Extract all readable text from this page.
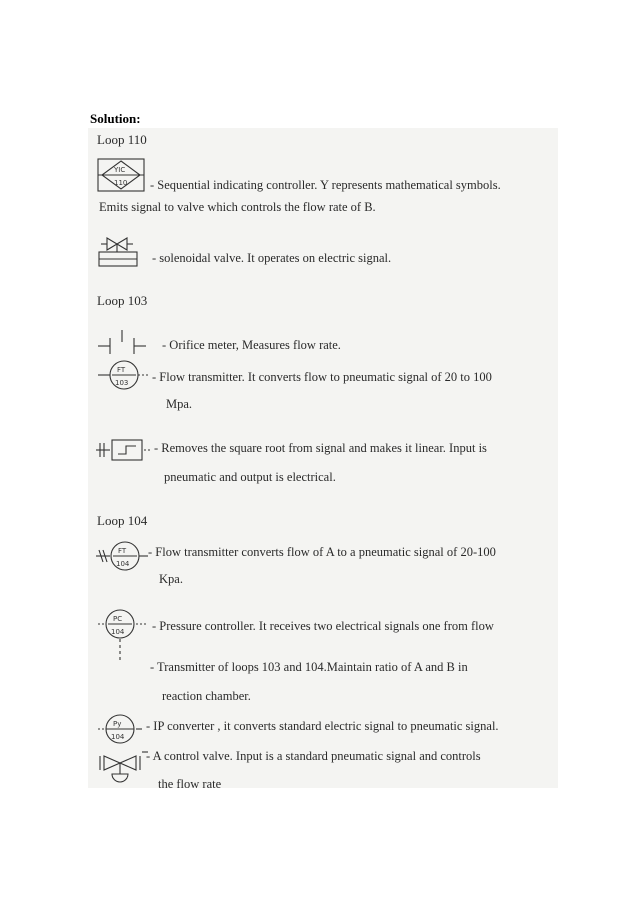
Solution:
Loop 110
YIC
110 - Sequential indicating controller. Y represents mathematical symbols.
Emits signal to valve which controls the flow rate of B.
- solenoidal valve. It operates on electric signal.
Loop 103
- Orifice meter, Measures flow rate.
FT
103 - Flow transmitter. It converts flow to pneumatic signal of 20 to 100
Mpa.
- Removes the square root from signal and makes it linear. Input is
pneumatic and output is electrical.
Loop 104
FT
104
- Flow transmitter converts flow of A to a pneumatic signal of 20-100
Kpa.
PC
104 - Pressure controller. It receives two electrical signals one from flow
- Transmitter of loops 103 and 104.Maintain ratio of A and B in
reaction chamber.
Py
104
- IP converter , it converts standard electric signal to pneumatic signal.
- A control valve. Input is a standard pneumatic signal and controls
the flow rate
